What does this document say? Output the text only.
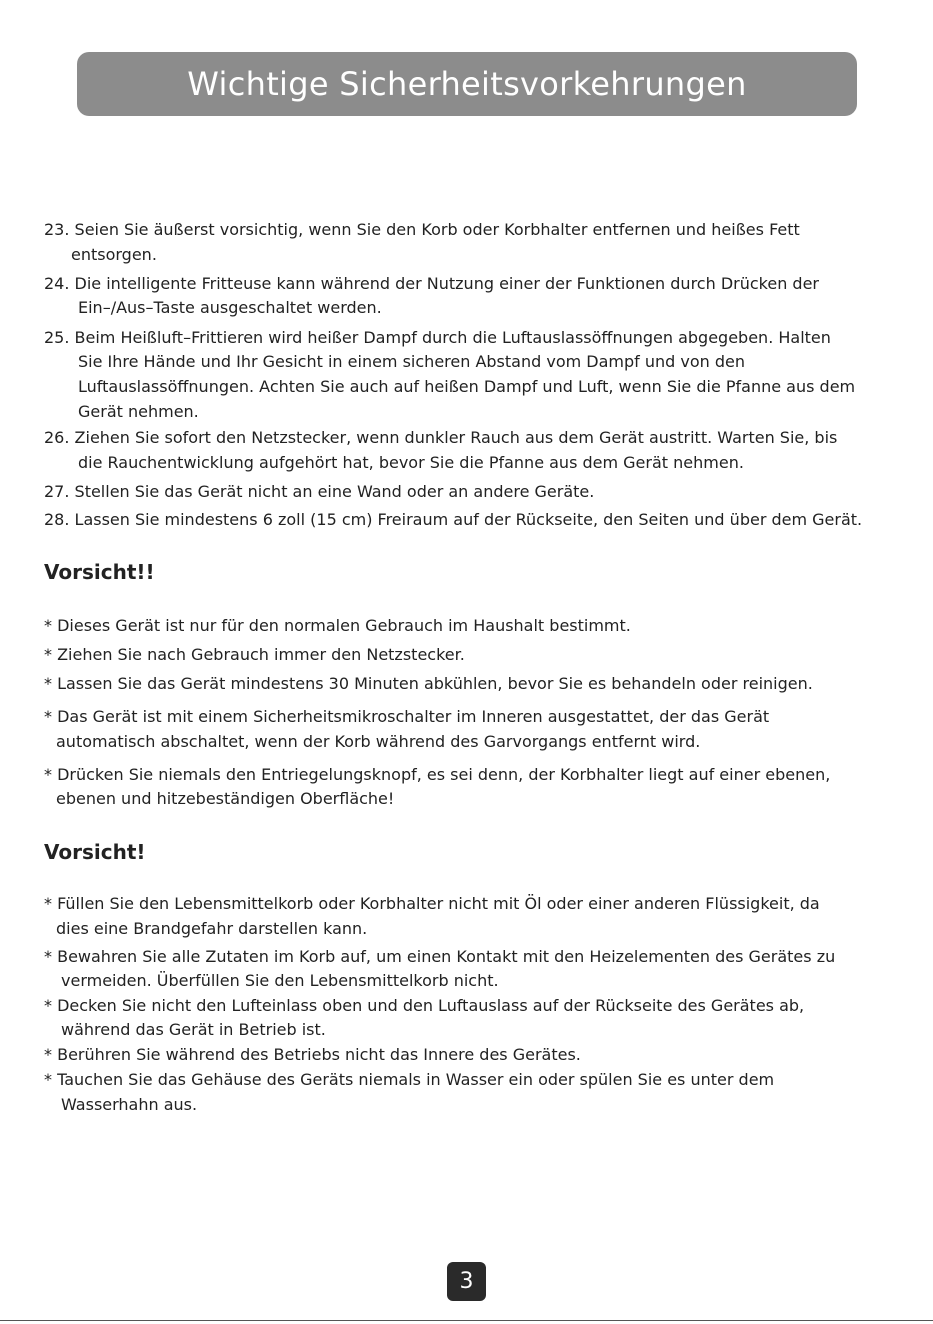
Wichtige Sicherheitsvorkehrungen
23. Seien Sie äußerst vorsichtig, wenn Sie den Korb oder Korbhalter entfernen und heißes Fett
entsorgen.
24. Die intelligente Fritteuse kann während der Nutzung einer der Funktionen durch Drücken der
Ein–/Aus–Taste ausgeschaltet werden.
25. Beim Heißluft–Frittieren wird heißer Dampf durch die Luftauslassöffnungen abgegeben. Halten
Sie Ihre Hände und Ihr Gesicht in einem sicheren Abstand vom Dampf und von den
Luftauslassöffnungen. Achten Sie auch auf heißen Dampf und Luft, wenn Sie die Pfanne aus dem
Gerät nehmen.
26. Ziehen Sie sofort den Netzstecker, wenn dunkler Rauch aus dem Gerät austritt. Warten Sie, bis
die Rauchentwicklung aufgehört hat, bevor Sie die Pfanne aus dem Gerät nehmen.
27. Stellen Sie das Gerät nicht an eine Wand oder an andere Geräte.
28. Lassen Sie mindestens 6 zoll (15 cm) Freiraum auf der Rückseite, den Seiten und über dem Gerät.
Vorsicht!!
* Dieses Gerät ist nur für den normalen Gebrauch im Haushalt bestimmt.
* Ziehen Sie nach Gebrauch immer den Netzstecker.
* Lassen Sie das Gerät mindestens 30 Minuten abkühlen, bevor Sie es behandeln oder reinigen.
* Das Gerät ist mit einem Sicherheitsmikroschalter im Inneren ausgestattet, der das Gerät
automatisch abschaltet, wenn der Korb während des Garvorgangs entfernt wird.
* Drücken Sie niemals den Entriegelungsknopf, es sei denn, der Korbhalter liegt auf einer ebenen,
ebenen und hitzebeständigen Oberfläche!
Vorsicht!
* Füllen Sie den Lebensmittelkorb oder Korbhalter nicht mit Öl oder einer anderen Flüssigkeit, da
dies eine Brandgefahr darstellen kann.
* Bewahren Sie alle Zutaten im Korb auf, um einen Kontakt mit den Heizelementen des Gerätes zu
vermeiden. Überfüllen Sie den Lebensmittelkorb nicht.
* Decken Sie nicht den Lufteinlass oben und den Luftauslass auf der Rückseite des Gerätes ab,
während das Gerät in Betrieb ist.
* Berühren Sie während des Betriebs nicht das Innere des Gerätes.
* Tauchen Sie das Gehäuse des Geräts niemals in Wasser ein oder spülen Sie es unter dem
Wasserhahn aus.
3
